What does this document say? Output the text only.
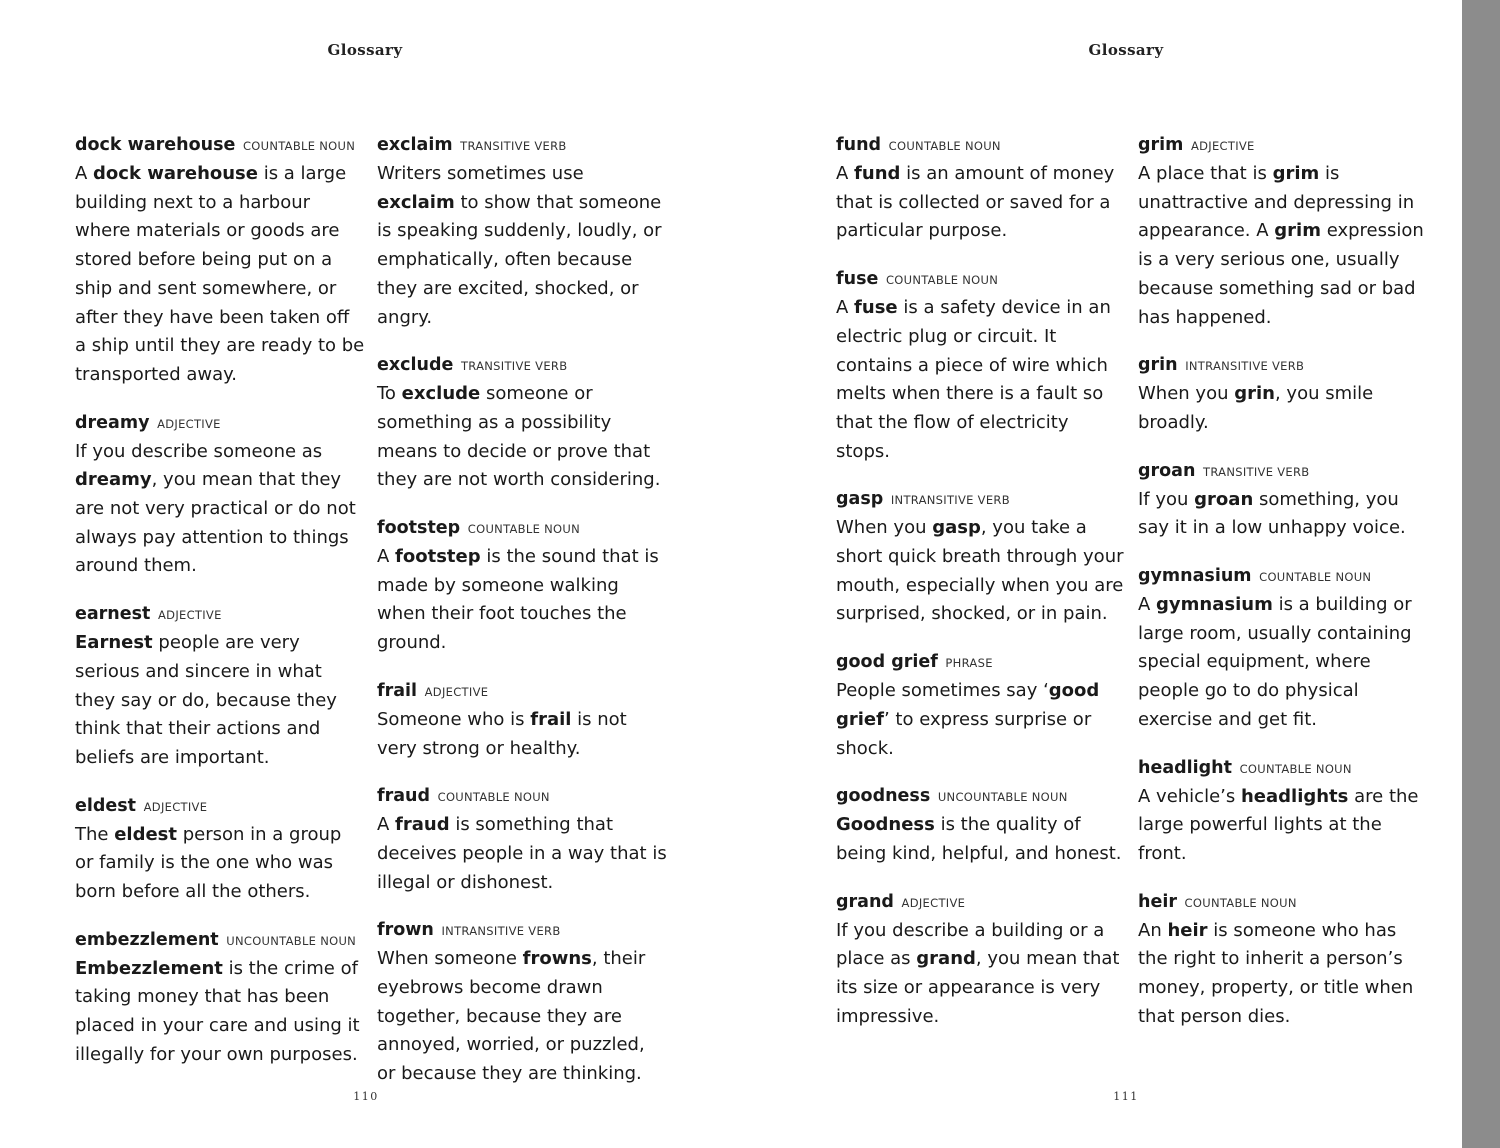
Glossary
dock warehouse COUNTABLE NOUN
A dock warehouse is a large building next to a harbour where materials or goods are stored before being put on a ship and sent somewhere, or after they have been taken off a ship until they are ready to be transported away.
dreamy ADJECTIVE
If you describe someone as dreamy, you mean that they are not very practical or do not always pay attention to things around them.
earnest ADJECTIVE
Earnest people are very serious and sincere in what they say or do, because they think that their actions and beliefs are important.
eldest ADJECTIVE
The eldest person in a group or family is the one who was born before all the others.
embezzlement UNCOUNTABLE NOUN
Embezzlement is the crime of taking money that has been placed in your care and using it illegally for your own purposes.
exclaim TRANSITIVE VERB
Writers sometimes use exclaim to show that someone is speaking suddenly, loudly, or emphatically, often because they are excited, shocked, or angry.
exclude TRANSITIVE VERB
To exclude someone or something as a possibility means to decide or prove that they are not worth considering.
footstep COUNTABLE NOUN
A footstep is the sound that is made by someone walking when their foot touches the ground.
frail ADJECTIVE
Someone who is frail is not very strong or healthy.
fraud COUNTABLE NOUN
A fraud is something that deceives people in a way that is illegal or dishonest.
frown INTRANSITIVE VERB
When someone frowns, their eyebrows become drawn together, because they are annoyed, worried, or puzzled, or because they are thinking.
110
Glossary
fund COUNTABLE NOUN
A fund is an amount of money that is collected or saved for a particular purpose.
fuse COUNTABLE NOUN
A fuse is a safety device in an electric plug or circuit. It contains a piece of wire which melts when there is a fault so that the flow of electricity stops.
gasp INTRANSITIVE VERB
When you gasp, you take a short quick breath through your mouth, especially when you are surprised, shocked, or in pain.
good grief PHRASE
People sometimes say ‘good grief’ to express surprise or shock.
goodness UNCOUNTABLE NOUN
Goodness is the quality of being kind, helpful, and honest.
grand ADJECTIVE
If you describe a building or a place as grand, you mean that its size or appearance is very impressive.
grim ADJECTIVE
A place that is grim is unattractive and depressing in appearance. A grim expression is a very serious one, usually because something sad or bad has happened.
grin INTRANSITIVE VERB
When you grin, you smile broadly.
groan TRANSITIVE VERB
If you groan something, you say it in a low unhappy voice.
gymnasium COUNTABLE NOUN
A gymnasium is a building or large room, usually containing special equipment, where people go to do physical exercise and get fit.
headlight COUNTABLE NOUN
A vehicle’s headlights are the large powerful lights at the front.
heir COUNTABLE NOUN
An heir is someone who has the right to inherit a person’s money, property, or title when that person dies.
111
